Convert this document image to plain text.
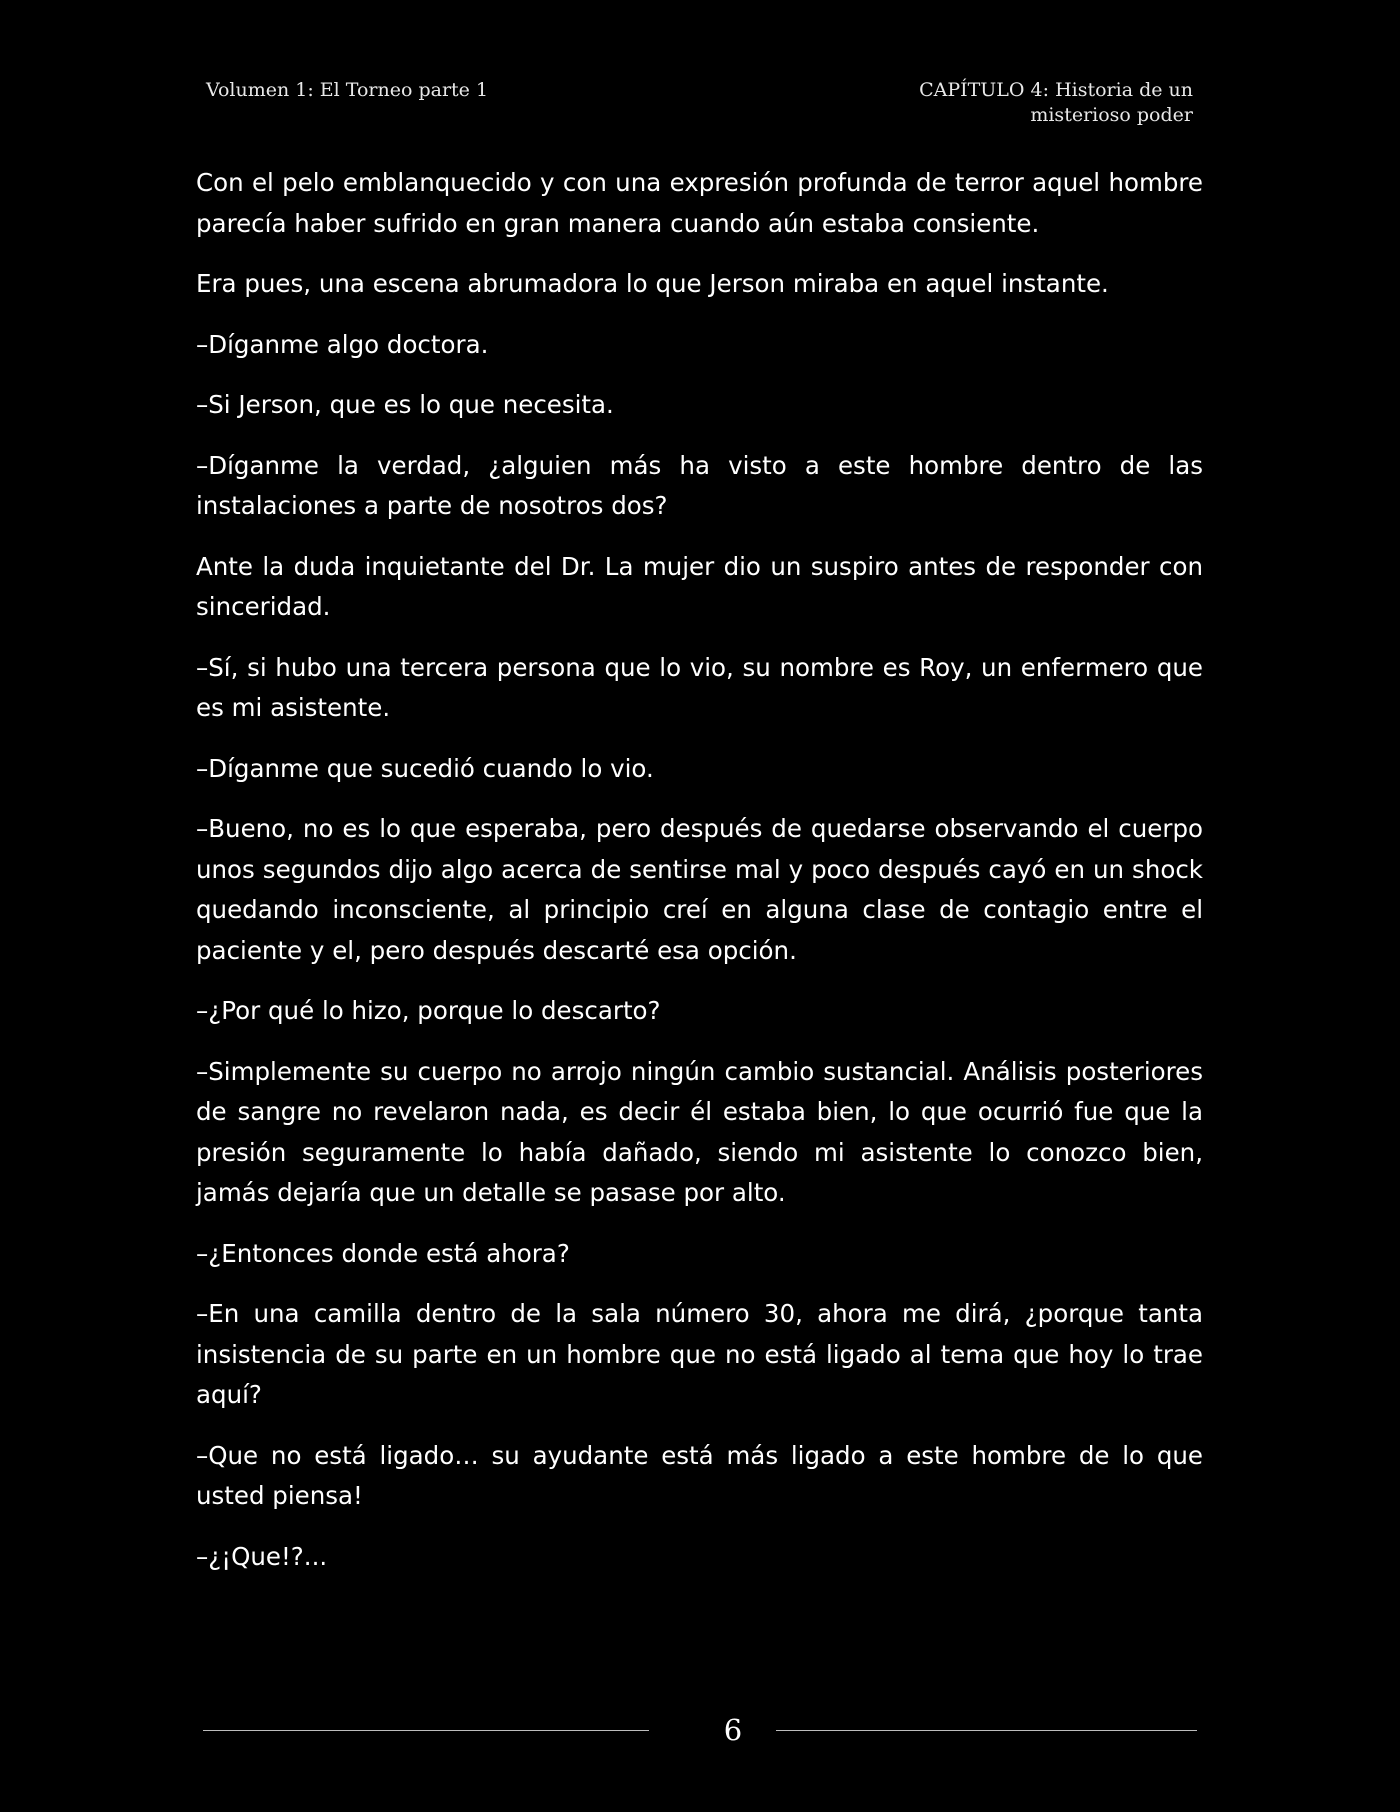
Volumen 1: El Torneo parte 1	CAPÍTULO 4: Historia de un
misterioso poder

Con el pelo emblanquecido y con una expresión profunda de terror aquel hombre parecía haber sufrido en gran manera cuando aún estaba consiente.

Era pues, una escena abrumadora lo que Jerson miraba en aquel instante.

–Díganme algo doctora.

–Si Jerson, que es lo que necesita.

–Díganme la verdad, ¿alguien más ha visto a este hombre dentro de las instalaciones a parte de nosotros dos?

Ante la duda inquietante del Dr. La mujer dio un suspiro antes de responder con sinceridad.

–Sí, si hubo una tercera persona que lo vio, su nombre es Roy, un enfermero que es mi asistente.

–Díganme que sucedió cuando lo vio.

–Bueno, no es lo que esperaba, pero después de quedarse observando el cuerpo unos segundos dijo algo acerca de sentirse mal y poco después cayó en un shock quedando inconsciente, al principio creí en alguna clase de contagio entre el paciente y el, pero después descarté esa opción.

–¿Por qué lo hizo, porque lo descarto?

–Simplemente su cuerpo no arrojo ningún cambio sustancial. Análisis posteriores de sangre no revelaron nada, es decir él estaba bien, lo que ocurrió fue que la presión seguramente lo había dañado, siendo mi asistente lo conozco bien, jamás dejaría que un detalle se pasase por alto.

–¿Entonces donde está ahora?

–En una camilla dentro de la sala número 30, ahora me dirá, ¿porque tanta insistencia de su parte en un hombre que no está ligado al tema que hoy lo trae aquí?

–Que no está ligado… su ayudante está más ligado a este hombre de lo que usted piensa!

–¿¡Que!?...

6
